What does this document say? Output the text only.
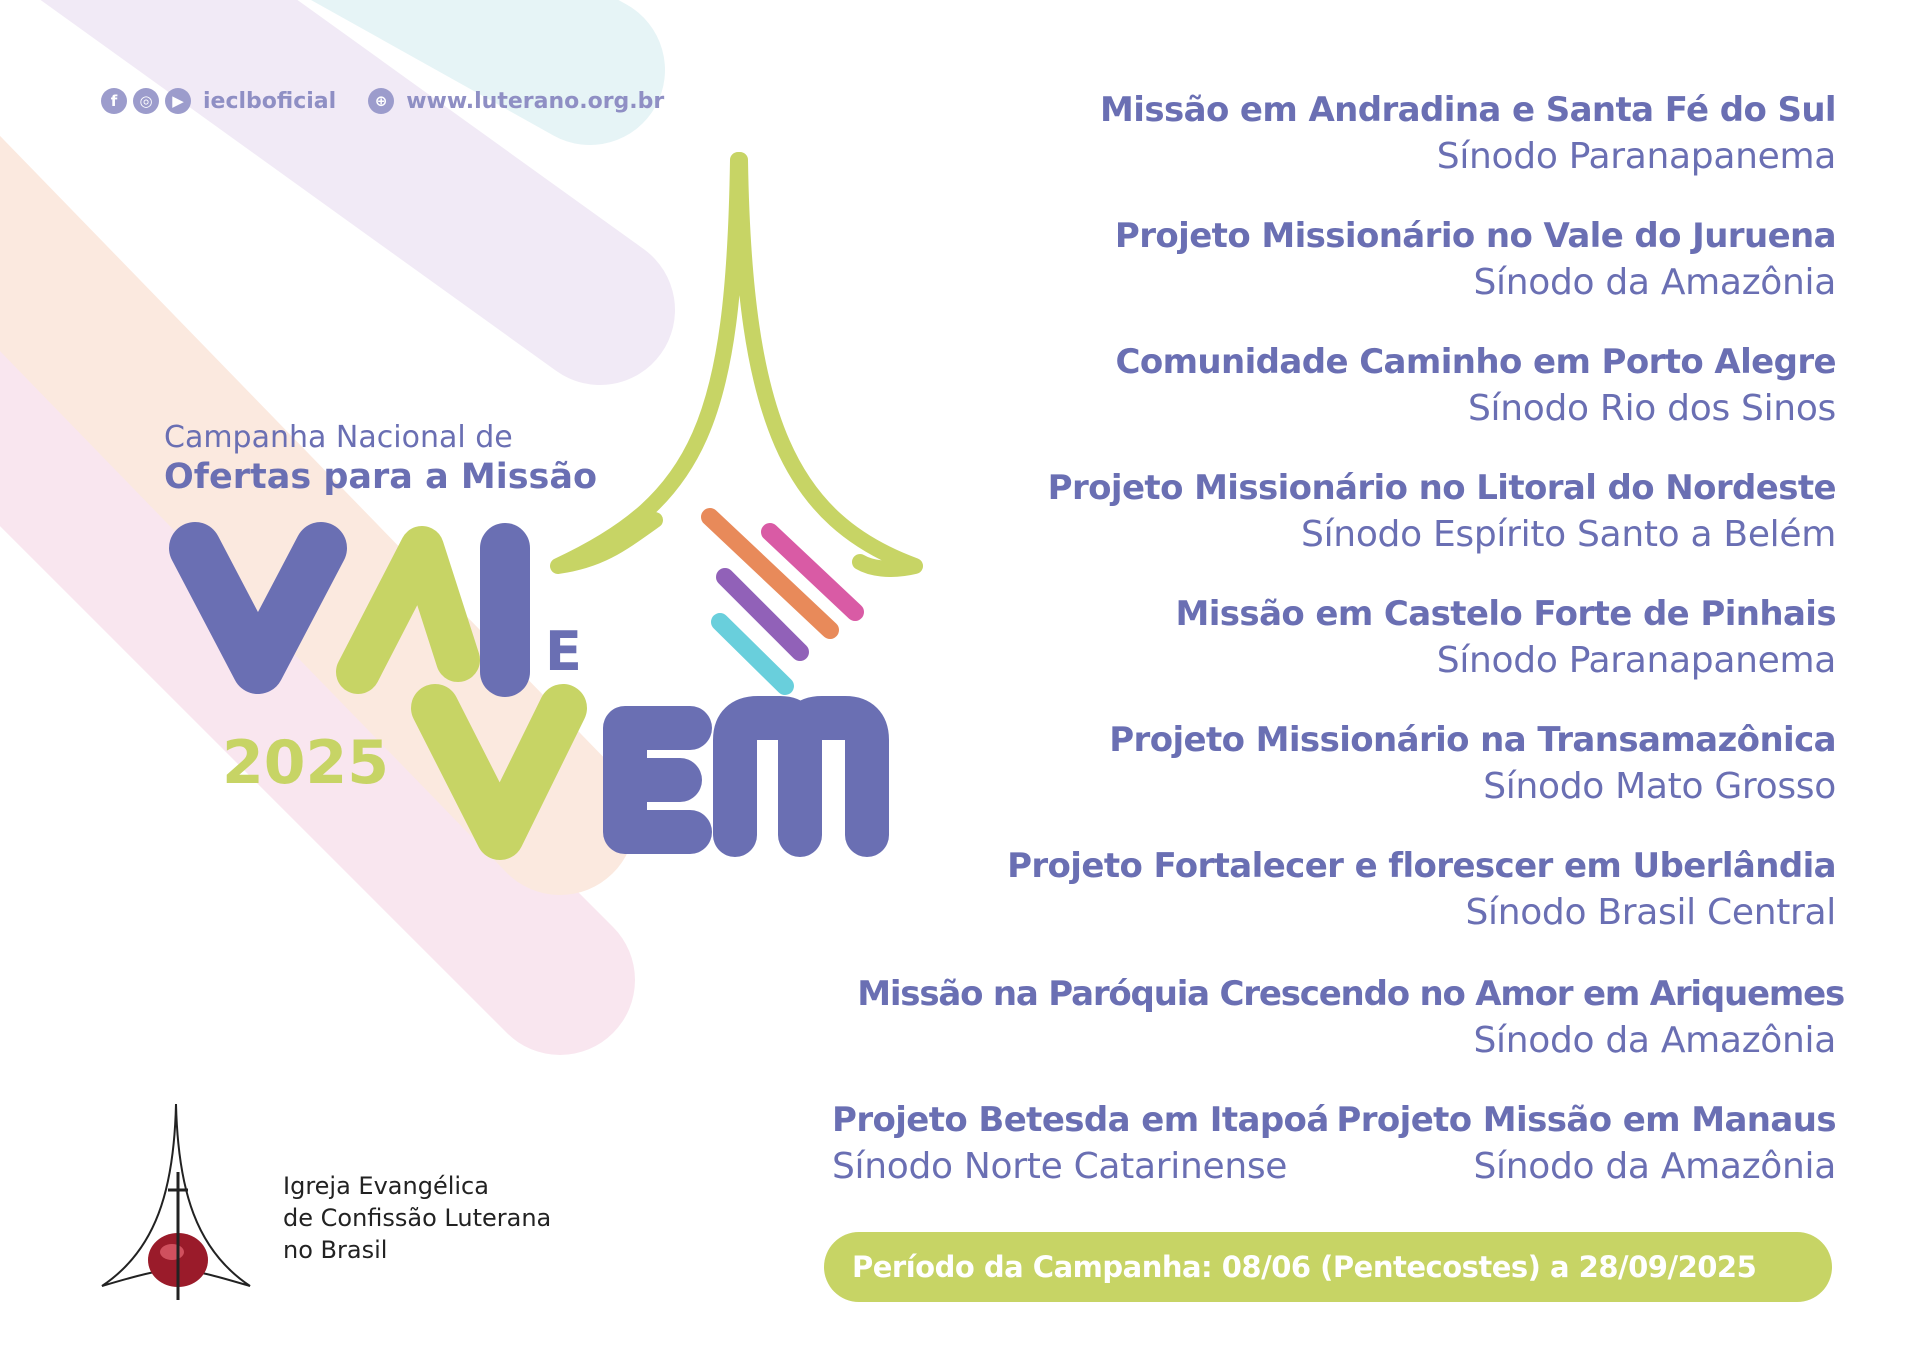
f	◎	▶ ieclboficial	⊕ www.luterano.org.br
Campanha Nacional de
Ofertas para a Missão
E
2025
Missão em Andradina e Santa Fé do Sul
Sínodo Paranapanema
Projeto Missionário no Vale do Juruena
Sínodo da Amazônia
Comunidade Caminho em Porto Alegre
Sínodo Rio dos Sinos
Projeto Missionário no Litoral do Nordeste
Sínodo Espírito Santo a Belém
Missão em Castelo Forte de Pinhais
Sínodo Paranapanema
Projeto Missionário na Transamazônica
Sínodo Mato Grosso
Projeto Fortalecer e florescer em Uberlândia
Sínodo Brasil Central
Missão na Paróquia Crescendo no Amor em Ariquemes
Sínodo da Amazônia
Projeto Betesda em Itapoá
Sínodo Norte Catarinense
Projeto Missão em Manaus
Sínodo da Amazônia
Período da Campanha: 08/06 (Pentecostes) a 28/09/2025
Igreja Evangélica
de Confissão Luterana
no Brasil
